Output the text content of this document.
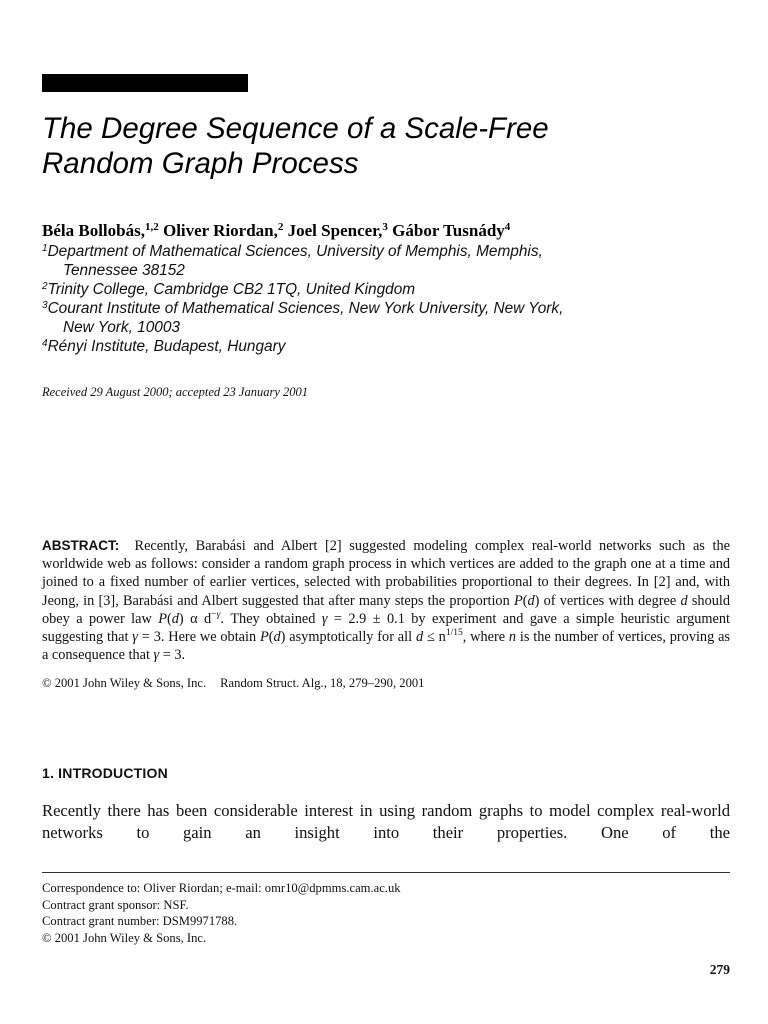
The Degree Sequence of a Scale-Free
Random Graph Process
Béla Bollobás,$^{1,2}$ Oliver Riordan,$^2$ Joel Spencer,$^3$ Gábor Tusnády$^4$

$^1$Department of Mathematical Sciences, University of Memphis, Memphis,
Tennessee 38152

$^2$Trinity College, Cambridge CB2 1TQ, United Kingdom

$^3$Courant Institute of Mathematical Sciences, New York University, New York,
New York, 10003

$^4$Rényi Institute, Budapest, Hungary

Received 29 August 2000; accepted 23 January 2001

ABSTRACT: Recently, Barabási and Albert [2] suggested modeling complex real-world networks such as the worldwide web as follows: consider a random graph process in which vertices are added to the graph one at a time and joined to a fixed number of earlier vertices, selected with probabilities proportional to their degrees. In [2] and, with Jeong, in [3], Barabási and Albert suggested that after many steps the proportion P(d) of vertices with degree d should obey a power law P(d) α $d^{-\gamma}$. They obtained γ = 2.9 ± 0.1 by experiment and gave a simple heuristic argument suggesting that γ = 3. Here we obtain P(d) asymptotically for all $d \le n^{1/15}$, where n is the number of vertices, proving as a consequence that γ = 3.

© 2001 John Wiley & Sons, Inc. Random Struct. Alg., 18, 279–290, 2001
1. INTRODUCTION

Recently there has been considerable interest in using random graphs to model complex real-world networks to gain an insight into their properties. One of the

Correspondence to: Oliver Riordan; e-mail: omr10@dpmms.cam.ac.uk
Contract grant sponsor: NSF.
Contract grant number: DSM9971788.
© 2001 John Wiley & Sons, Inc.
279
